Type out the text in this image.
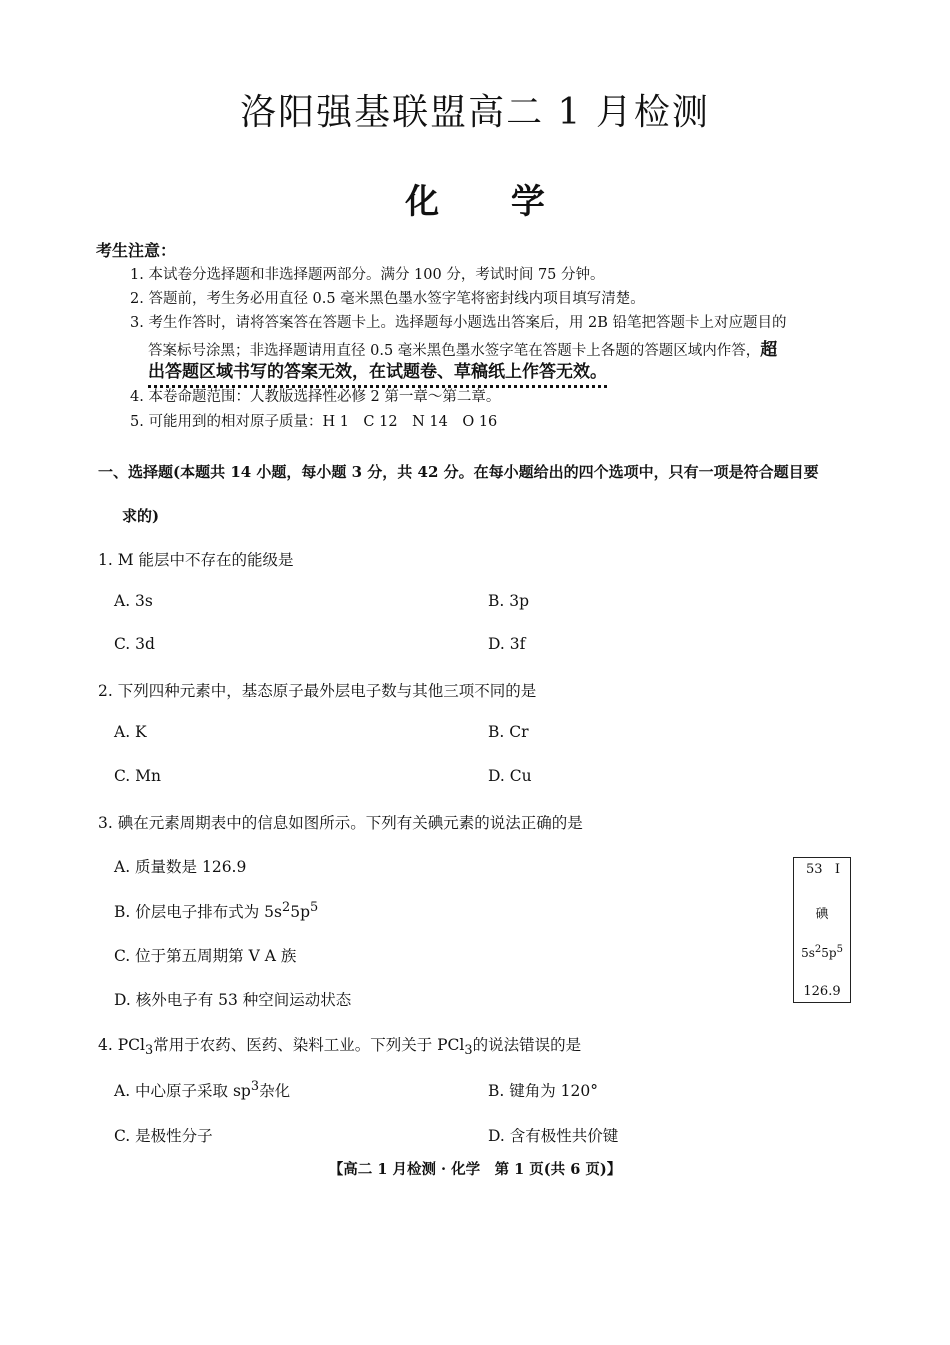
洛阳强基联盟高二 1 月检测
化 学
考生注意：
1. 本试卷分选择题和非选择题两部分。满分 100 分，考试时间 75 分钟。
2. 答题前，考生务必用直径 0.5 毫米黑色墨水签字笔将密封线内项目填写清楚。
3. 考生作答时，请将答案答在答题卡上。选择题每小题选出答案后，用 2B 铅笔把答题卡上对应题目的
答案标号涂黑；非选择题请用直径 0.5 毫米黑色墨水签字笔在答题卡上各题的答题区域内作答，超
出答题区域书写的答案无效，在试题卷、草稿纸上作答无效。
4. 本卷命题范围：人教版选择性必修 2 第一章～第二章。
5. 可能用到的相对原子质量：H 1　C 12　N 14　O 16
一、选择题(本题共 14 小题，每小题 3 分，共 42 分。在每小题给出的四个选项中，只有一项是符合题目要
求的)
1. M 能层中不存在的能级是
A. 3s	B. 3p
C. 3d	D. 3f
2. 下列四种元素中，基态原子最外层电子数与其他三项不同的是
A. K	B. Cr
C. Mn	D. Cu
3. 碘在元素周期表中的信息如图所示。下列有关碘元素的说法正确的是
A. 质量数是 126.9
B. 价层电子排布式为 $5s^25p^5$
C. 位于第五周期第 V A 族
D. 核外电子有 53 种空间运动状态
53 I
碘
$5s^25p^5$
126.9
4. PCl$_3$常用于农药、医药、染料工业。下列关于 PCl$_3$的说法错误的是
A. 中心原子采取 $sp^3$杂化	B. 键角为 120°
C. 是极性分子	D. 含有极性共价键
【高二 1 月检测 · 化学　第 1 页(共 6 页)】
